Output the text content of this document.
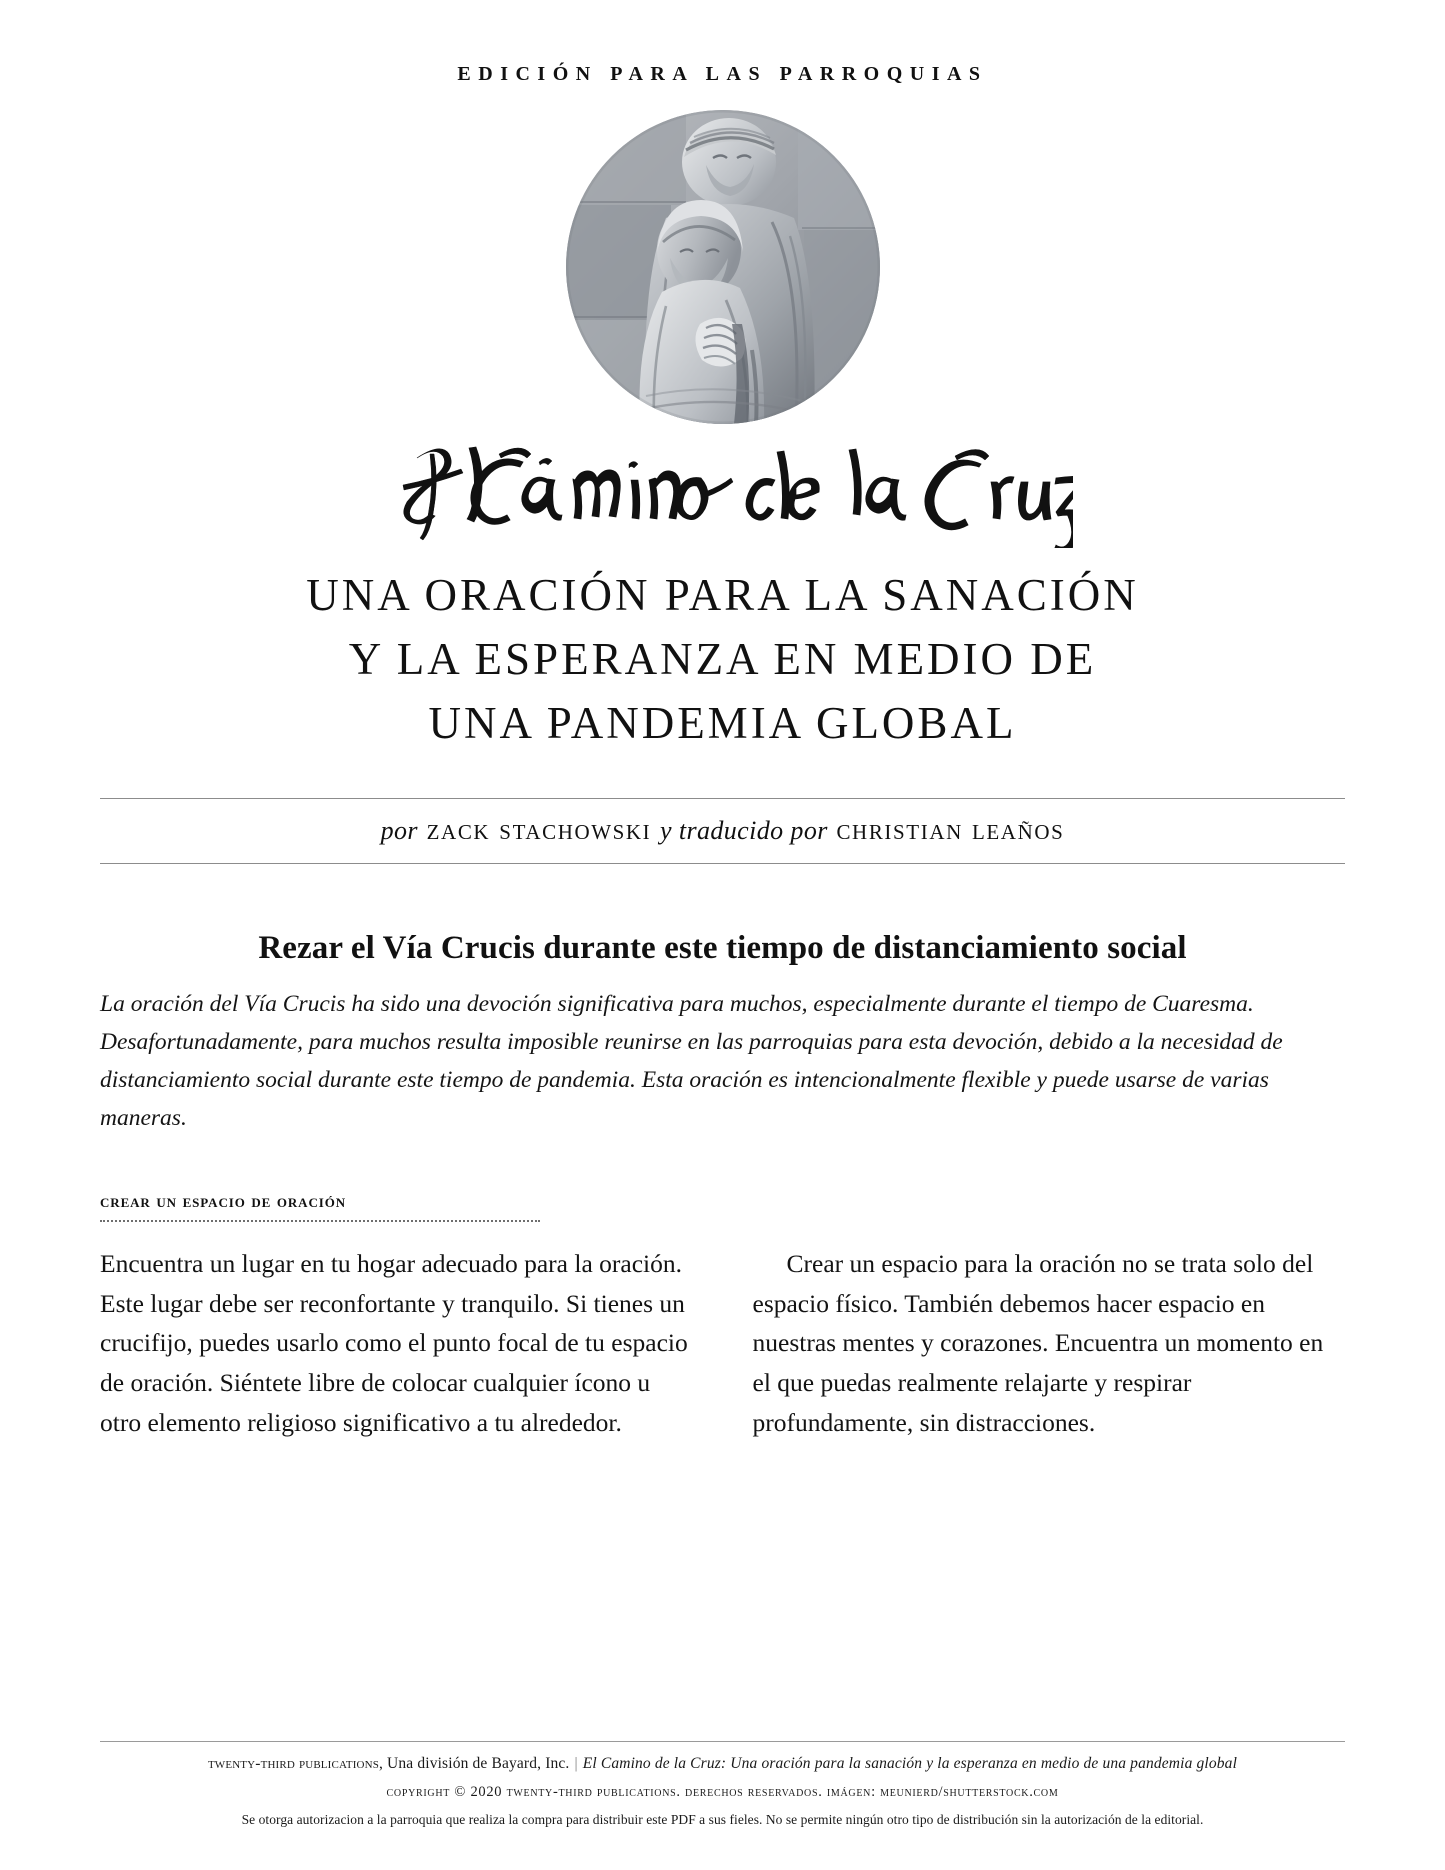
EDICIÓN PARA LAS PARROQUIAS
UNA ORACIÓN PARA LA SANACIÓN
Y LA ESPERANZA EN MEDIO DE
UNA PANDEMIA GLOBAL
por zack stachowski y traducido por christian leaños
Rezar el Vía Crucis durante este tiempo de distanciamiento social
La oración del Vía Crucis ha sido una devoción significativa para muchos, especialmente durante el tiempo de Cuaresma. Desafortunadamente, para muchos resulta imposible reunirse en las parroquias para esta devoción, debido a la necesidad de distanciamiento social durante este tiempo de pandemia. Esta oración es intencionalmente flexible y puede usarse de varias maneras.
crear un espacio de oración

Encuentra un lugar en tu hogar adecuado para la oración. Este lugar debe ser reconfortante y tranquilo. Si tienes un crucifijo, puedes usarlo como el punto focal de tu espacio de oración. Siéntete libre de colocar cualquier ícono u otro elemento religioso significativo a tu alrededor.

Crear un espacio para la oración no se trata solo del espacio físico. También debemos hacer espacio en nuestras mentes y corazones. Encuentra un momento en el que puedas realmente relajarte y respirar profundamente, sin distracciones.

twenty-third publications, Una división de Bayard, Inc. | El Camino de la Cruz: Una oración para la sanación y la esperanza en medio de una pandemia global
copyright © 2020 twenty-third publications. derechos reservados. imágen: meunierd/shutterstock.com
Se otorga autorizacion a la parroquia que realiza la compra para distribuir este PDF a sus fieles. No se permite ningún otro tipo de distribución sin la autorización de la editorial.
